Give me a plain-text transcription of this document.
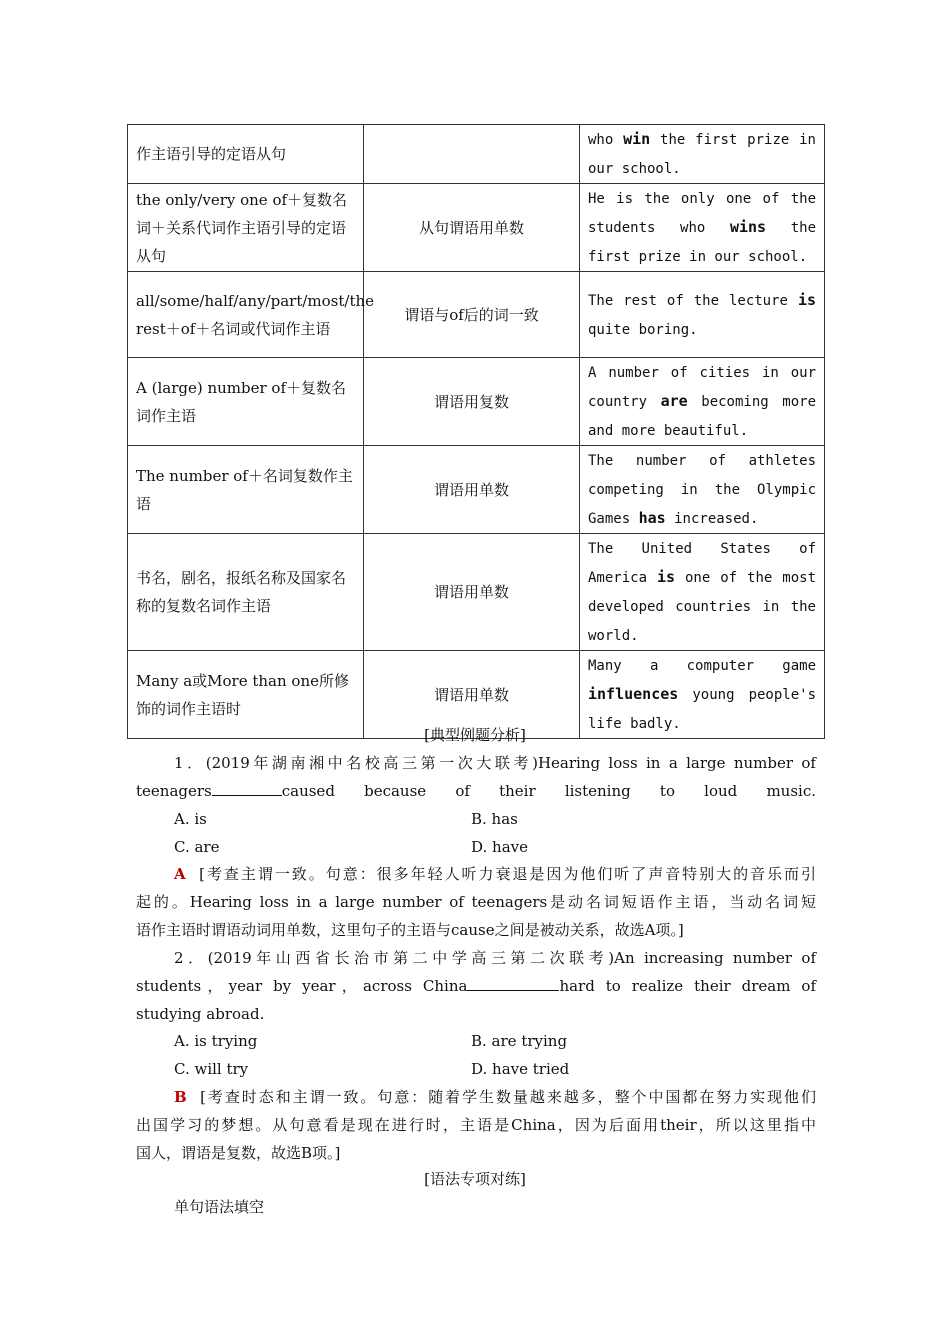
作主语引导的定语从句		who win the first prize in our school.
the only/very one of＋复数名词＋关系代词作主语引导的定语从句	从句谓语用单数	He is the only one of the students who wins the first prize in our school.
all/some/half/any/part/most/the rest＋of＋名词或代词作主语	谓语与of后的词一致	The rest of the lecture is quite boring.
A (large) number of＋复数名词作主语	谓语用复数	A number of cities in our country are becoming more and more beautiful.
The number of＋名词复数作主语	谓语用单数	The number of athletes competing in the Olympic Games has increased.
书名，剧名，报纸名称及国家名称的复数名词作主语	谓语用单数	The United States of America is one of the most developed countries in the world.
Many a或More than one所修饰的词作主语时	谓语用单数	Many a computer game influences young people's life badly.
[典型例题分析]
1．(2019年湖南湘中名校高三第一次大联考)Hearing loss in a large number of
teenagers	caused because of their listening to loud music.
A. is	B. has
C. are	D. have
A [考查主谓一致。句意：很多年轻人听力衰退是因为他们听了声音特别大的音乐而引
起的。Hearing loss in a large number of teenagers是动名词短语作主语，当动名词短
语作主语时谓语动词用单数，这里句子的主语与cause之间是被动关系，故选A项。]
2．(2019年山西省长治市第二中学高三第二次联考)An increasing number of
students，year by year，across China	hard to realize their dream of
studying abroad.
A. is trying	B. are trying
C. will try	D. have tried
B [考查时态和主谓一致。句意：随着学生数量越来越多，整个中国都在努力实现他们
出国学习的梦想。从句意看是现在进行时，主语是China，因为后面用their，所以这里指中
国人，谓语是复数，故选B项。]
[语法专项对练]
单句语法填空
